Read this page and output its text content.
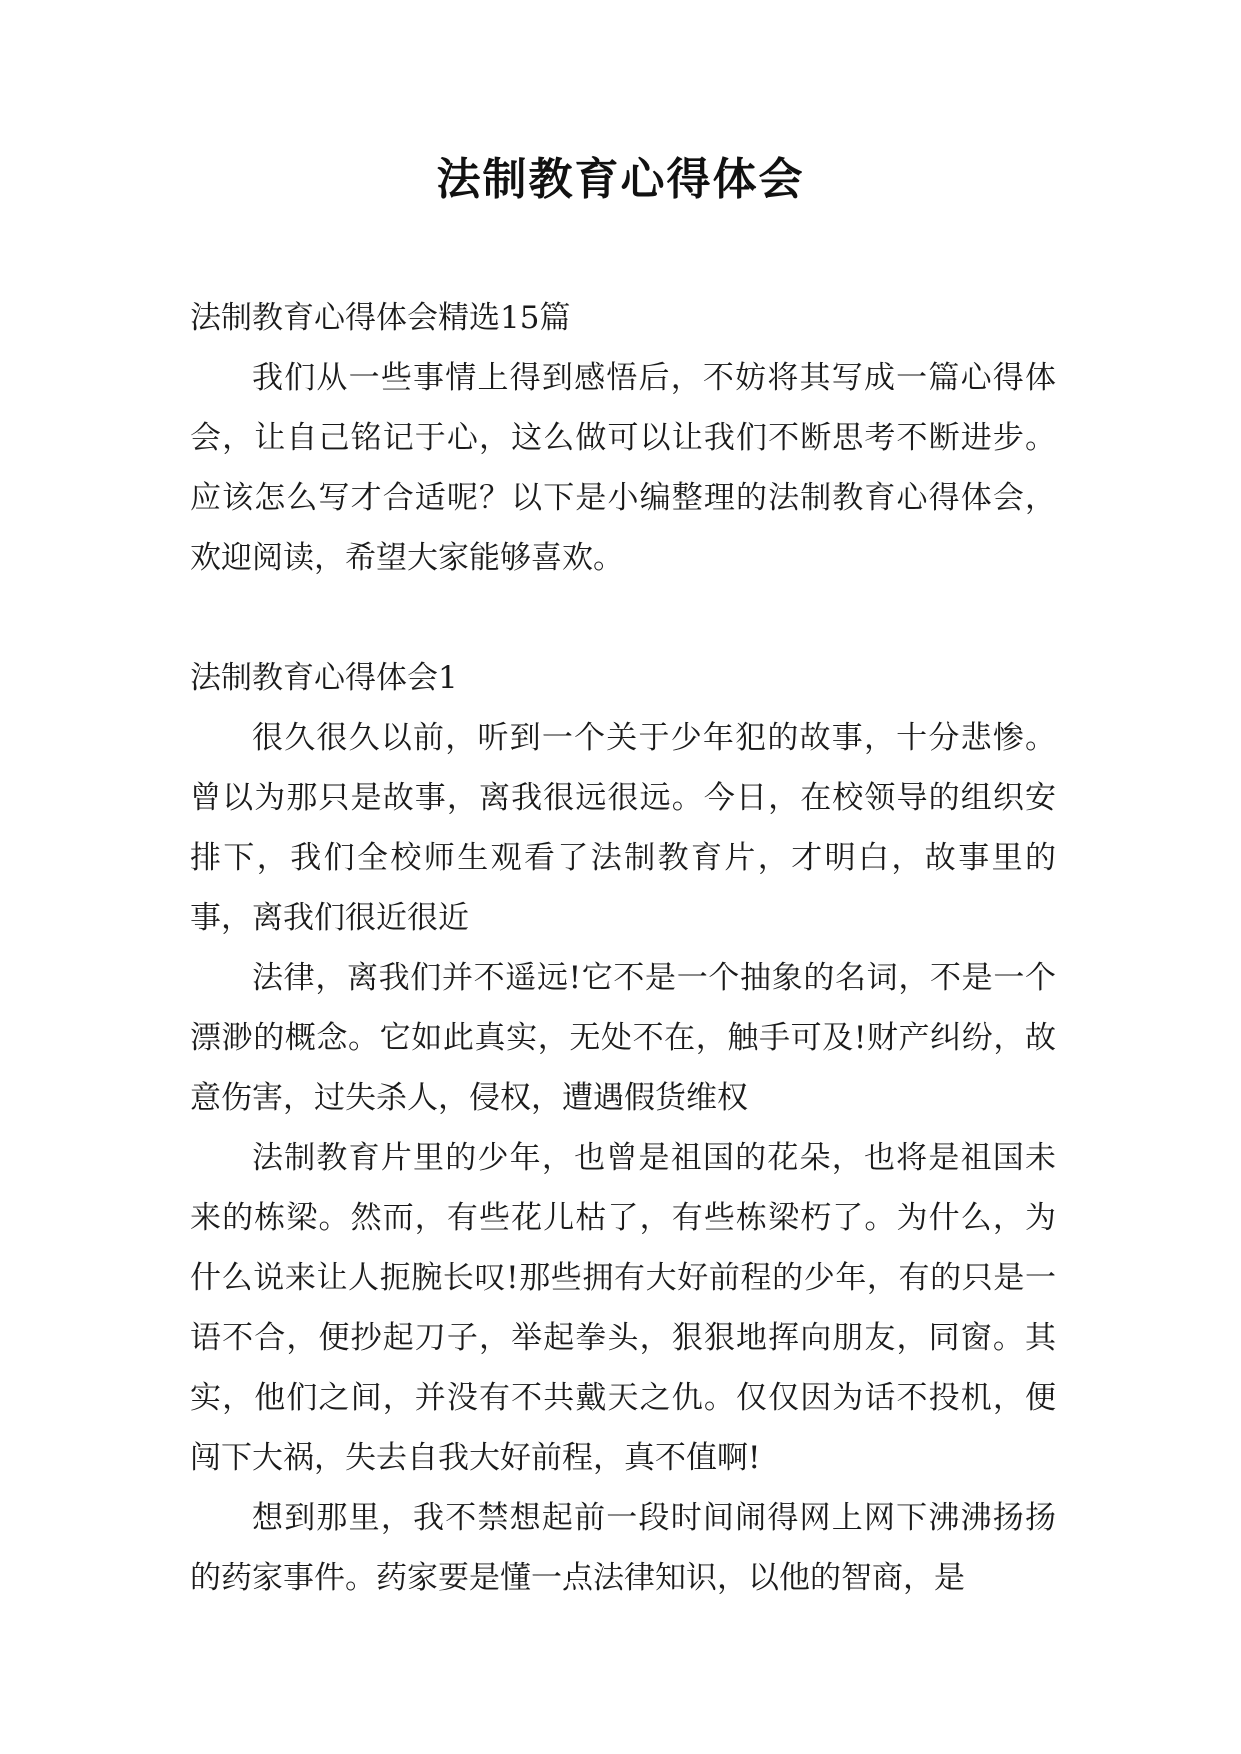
法制教育心得体会

法制教育心得体会精选15篇

我们从一些事情上得到感悟后，不妨将其写成一篇心得体会，让自己铭记于心，这么做可以让我们不断思考不断进步。应该怎么写才合适呢？以下是小编整理的法制教育心得体会，欢迎阅读，希望大家能够喜欢。

法制教育心得体会1

很久很久以前，听到一个关于少年犯的故事，十分悲惨。曾以为那只是故事，离我很远很远。今日，在校领导的组织安排下，我们全校师生观看了法制教育片，才明白，故事里的事，离我们很近很近

法律，离我们并不遥远!它不是一个抽象的名词，不是一个漂渺的概念。它如此真实，无处不在，触手可及!财产纠纷，故意伤害，过失杀人，侵权，遭遇假货维权

法制教育片里的少年，也曾是祖国的花朵，也将是祖国未来的栋梁。然而，有些花儿枯了，有些栋梁朽了。为什么，为什么说来让人扼腕长叹!那些拥有大好前程的少年，有的只是一语不合，便抄起刀子，举起拳头，狠狠地挥向朋友，同窗。其实，他们之间，并没有不共戴天之仇。仅仅因为话不投机，便闯下大祸，失去自我大好前程，真不值啊!

想到那里，我不禁想起前一段时间闹得网上网下沸沸扬扬的药家事件。药家要是懂一点法律知识，以他的智商，是
